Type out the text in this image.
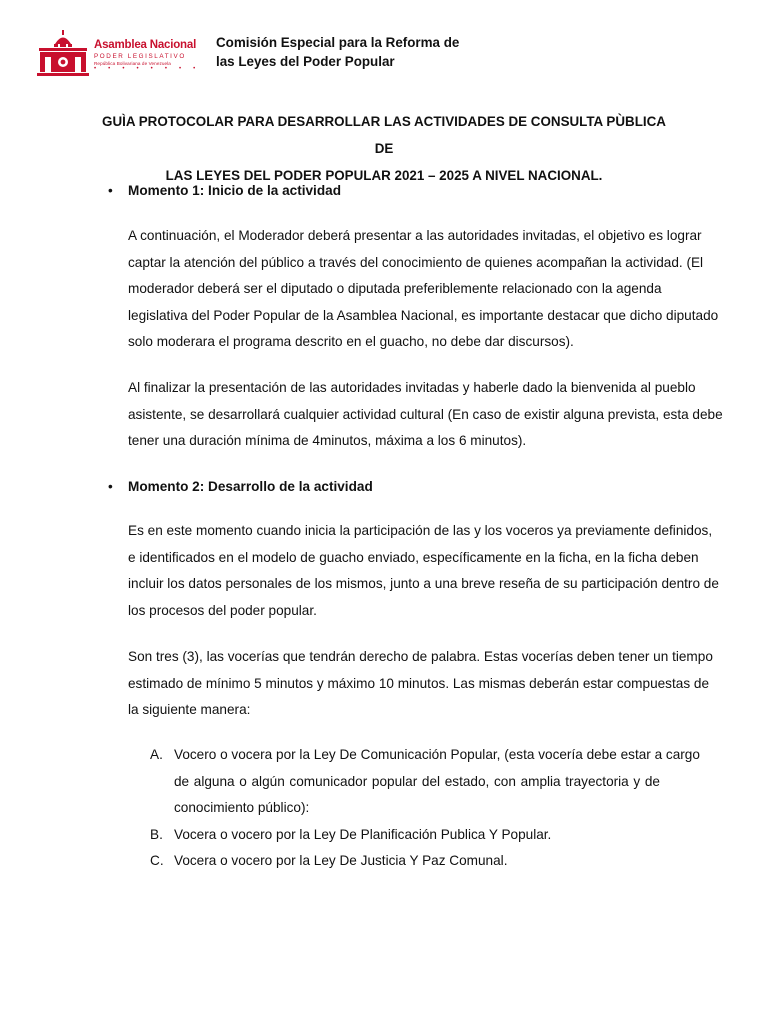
Asamblea Nacional
PODER LEGISLATIVO
República Bolivariana de Venezuela
• • • • • • • •
Comisión Especial para la Reforma de
las Leyes del Poder Popular
GUÌA PROTOCOLAR PARA DESARROLLAR LAS ACTIVIDADES DE CONSULTA PÙBLICA DE
LAS LEYES DEL PODER POPULAR 2021 – 2025 A NIVEL NACIONAL.
• Momento 1: Inicio de la actividad
A continuación, el Moderador deberá presentar a las autoridades invitadas, el objetivo es lograr
captar la atención del público a través del conocimiento de quienes acompañan la actividad. (El
moderador deberá ser el diputado o diputada preferiblemente relacionado con la agenda
legislativa del Poder Popular de la Asamblea Nacional, es importante destacar que dicho diputado
solo moderara el programa descrito en el guacho, no debe dar discursos).
Al finalizar la presentación de las autoridades invitadas y haberle dado la bienvenida al pueblo
asistente, se desarrollará cualquier actividad cultural (En caso de existir alguna prevista, esta debe
tener una duración mínima de 4minutos, máxima a los 6 minutos).
• Momento 2: Desarrollo de la actividad
Es en este momento cuando inicia la participación de las y los voceros ya previamente definidos,
e identificados en el modelo de guacho enviado, específicamente en la ficha, en la ficha deben
incluir los datos personales de los mismos, junto a una breve reseña de su participación dentro de
los procesos del poder popular.
Son tres (3), las vocerías que tendrán derecho de palabra. Estas vocerías deben tener un tiempo
estimado de mínimo 5 minutos y máximo 10 minutos. Las mismas deberán estar compuestas de
la siguiente manera:
A. Vocero o vocera por la Ley De Comunicación Popular, (esta vocería debe estar a cargo
de alguna o algún comunicador popular del estado, con amplia trayectoria y de
conocimiento público):
B. Vocera o vocero por la Ley De Planificación Publica Y Popular.
C. Vocera o vocero por la Ley De Justicia Y Paz Comunal.
